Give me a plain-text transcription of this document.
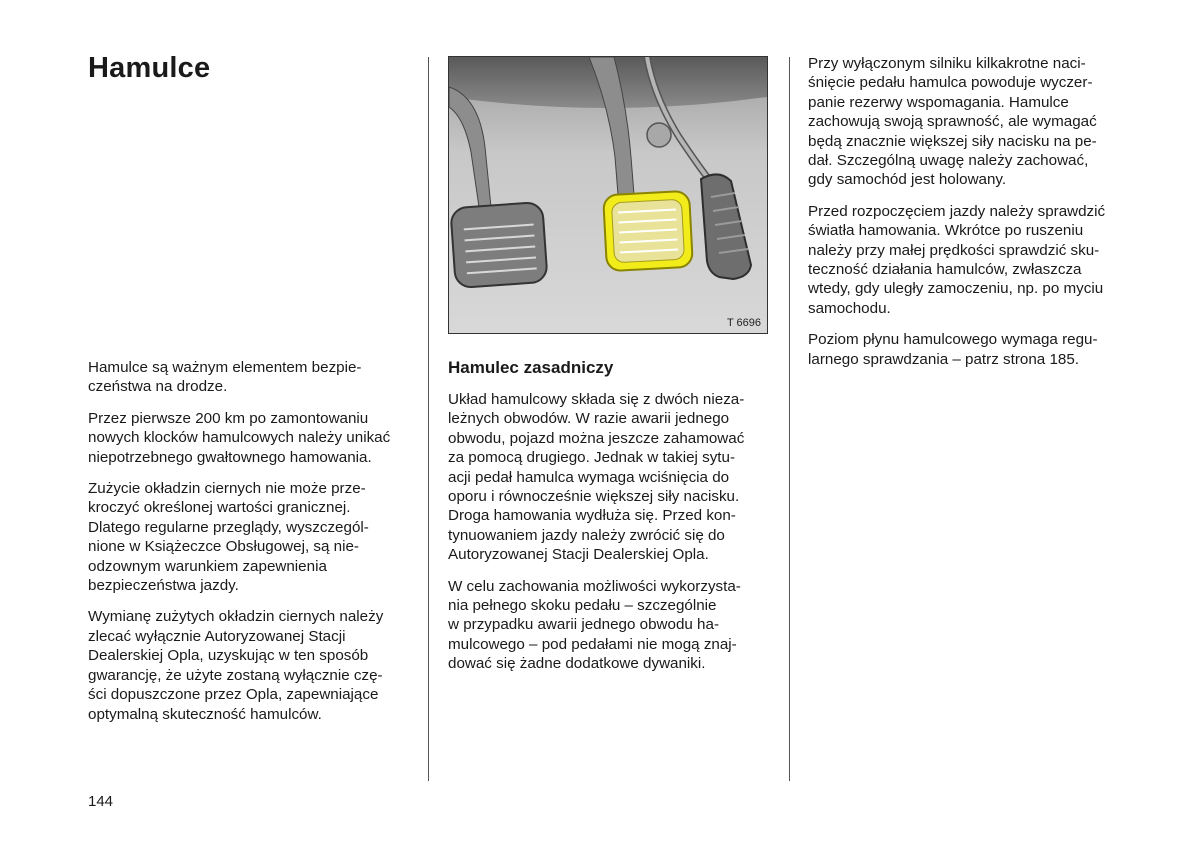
Hamulce

Hamulce są ważnym elementem bezpie-
czeństwa na drodze.

Przez pierwsze 200 km po zamontowaniu
nowych klocków hamulcowych należy unikać
niepotrzebnego gwałtownego hamowania.

Zużycie okładzin ciernych nie może prze-
kroczyć określonej wartości granicznej.
Dlatego regularne przeglądy, wyszczegól-
nione w Książeczce Obsługowej, są nie-
odzownym warunkiem zapewnienia
bezpieczeństwa jazdy.

Wymianę zużytych okładzin ciernych należy
zlecać wyłącznie Autoryzowanej Stacji
Dealerskiej Opla, uzyskując w ten sposób
gwarancję, że użyte zostaną wyłącznie czę-
ści dopuszczone przez Opla, zapewniające
optymalną skuteczność hamulców.

T 6696
Hamulec zasadniczy

Układ hamulcowy składa się z dwóch nieza-
leżnych obwodów. W razie awarii jednego
obwodu, pojazd można jeszcze zahamować
za pomocą drugiego. Jednak w takiej sytu-
acji pedał hamulca wymaga wciśnięcia do
oporu i równocześnie większej siły nacisku.
Droga hamowania wydłuża się. Przed kon-
tynuowaniem jazdy należy zwrócić się do
Autoryzowanej Stacji Dealerskiej Opla.

W celu zachowania możliwości wykorzysta-
nia pełnego skoku pedału – szczególnie
w przypadku awarii jednego obwodu ha-
mulcowego – pod pedałami nie mogą znaj-
dować się żadne dodatkowe dywaniki.

Przy wyłączonym silniku kilkakrotne naci-
śnięcie pedału hamulca powoduje wyczer-
panie rezerwy wspomagania. Hamulce
zachowują swoją sprawność, ale wymagać
będą znacznie większej siły nacisku na pe-
dał. Szczególną uwagę należy zachować,
gdy samochód jest holowany.

Przed rozpoczęciem jazdy należy sprawdzić
światła hamowania. Wkrótce po ruszeniu
należy przy małej prędkości sprawdzić sku-
teczność działania hamulców, zwłaszcza
wtedy, gdy uległy zamoczeniu, np. po myciu
samochodu.

Poziom płynu hamulcowego wymaga regu-
larnego sprawdzania – patrz strona 185.

144
